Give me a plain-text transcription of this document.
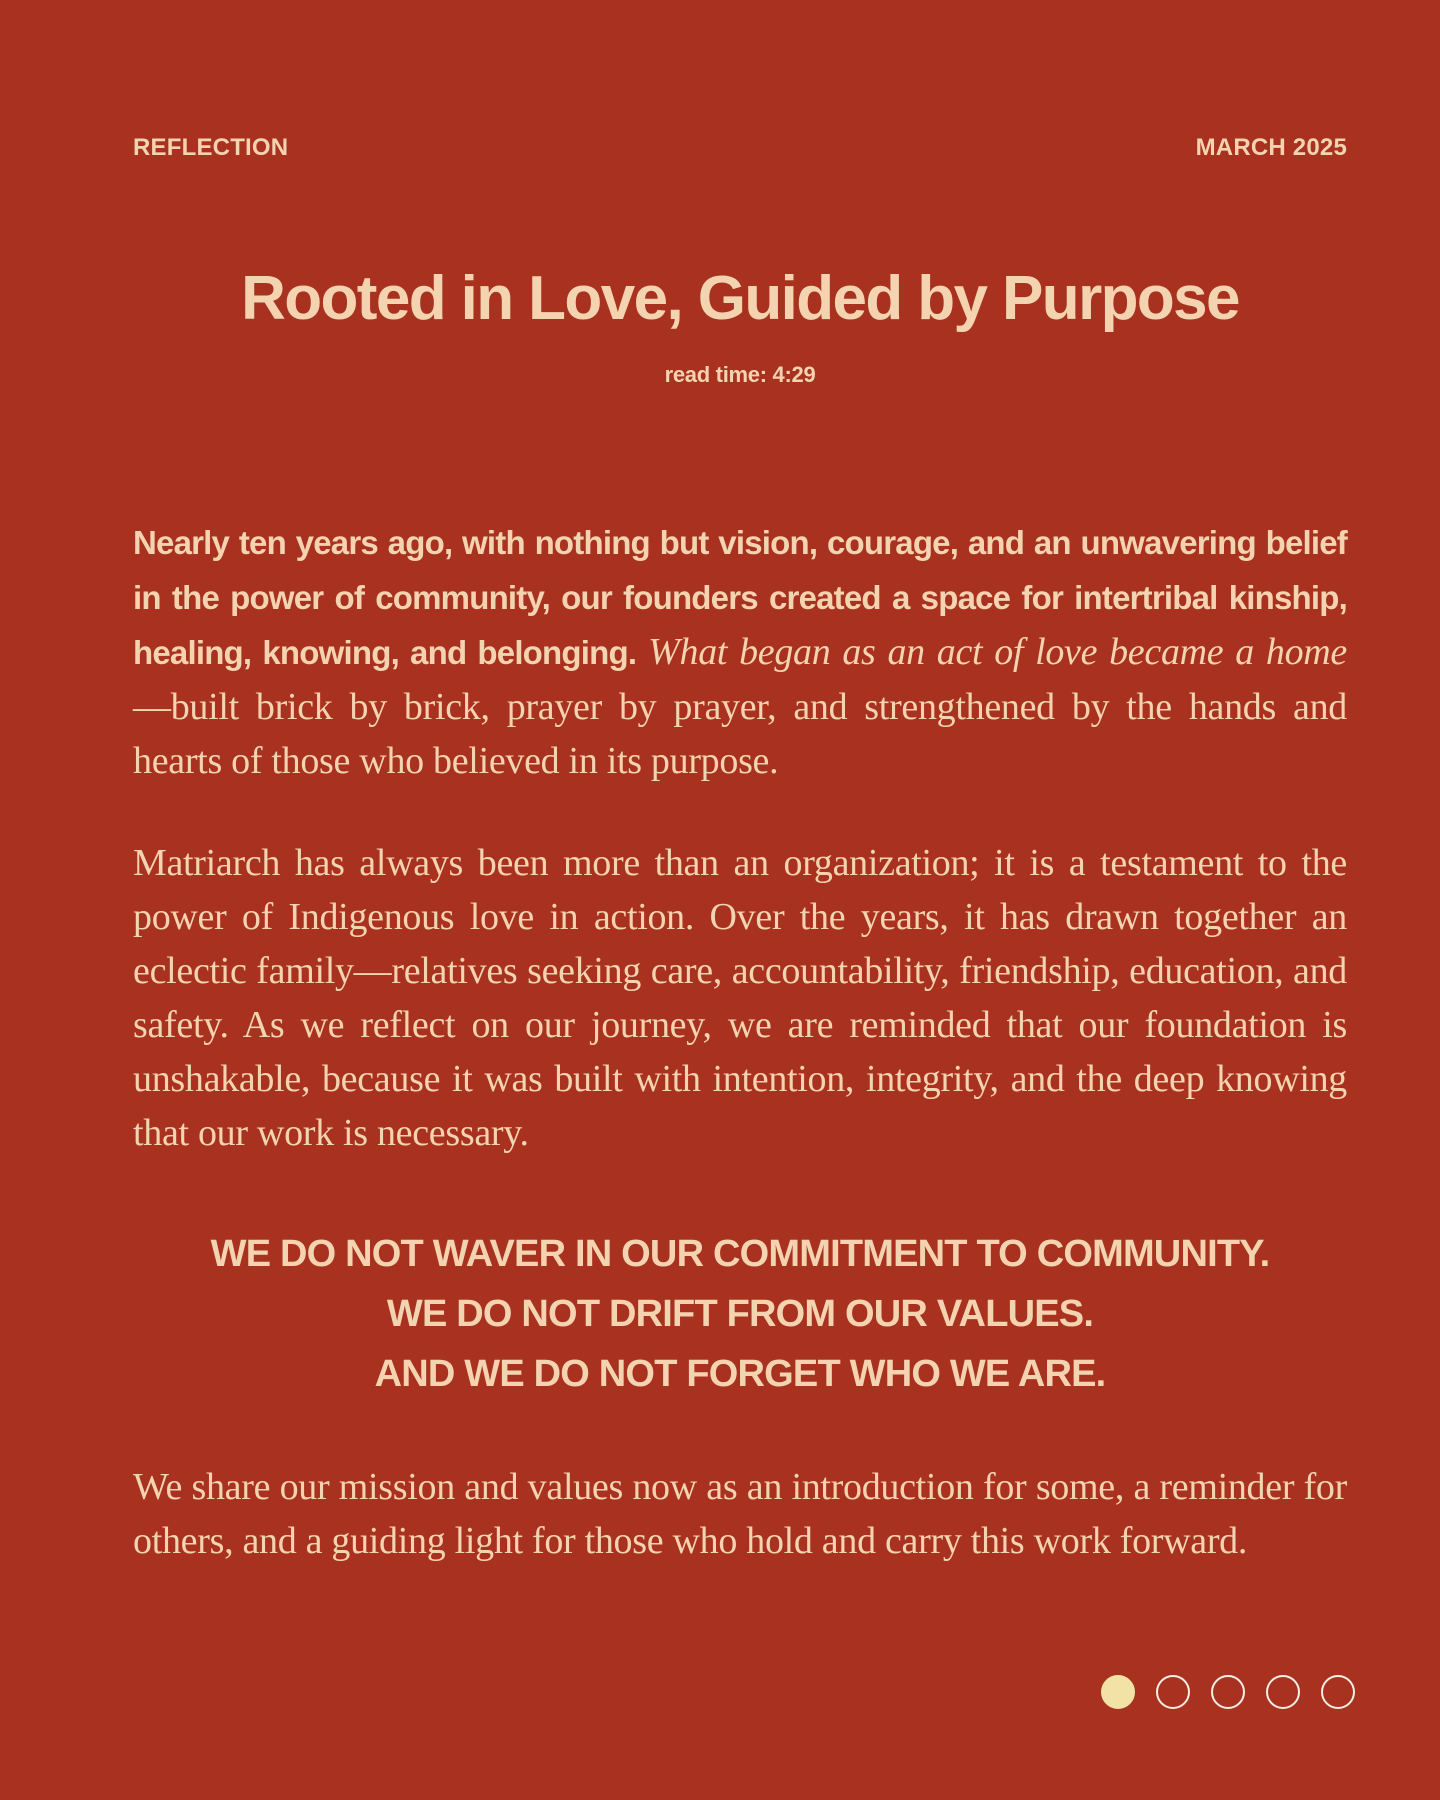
REFLECTION	MARCH 2025
Rooted in Love, Guided by Purpose
read time: 4:29

Nearly ten years ago, with nothing but vision, courage, and an unwavering belief in the power of community, our founders created a space for intertribal kinship, healing, knowing, and belonging. What began as an act of love became a home—built brick by brick, prayer by prayer, and strengthened by the hands and hearts of those who believed in its purpose.

Matriarch has always been more than an organization; it is a testament to the power of Indigenous love in action. Over the years, it has drawn together an eclectic family—relatives seeking care, accountability, friendship, education, and safety. As we reflect on our journey, we are reminded that our foundation is unshakable, because it was built with intention, integrity, and the deep knowing that our work is necessary.

WE DO NOT WAVER IN OUR COMMITMENT TO COMMUNITY.
WE DO NOT DRIFT FROM OUR VALUES.
AND WE DO NOT FORGET WHO WE ARE.

We share our mission and values now as an introduction for some, a reminder for others, and a guiding light for those who hold and carry this work forward.
